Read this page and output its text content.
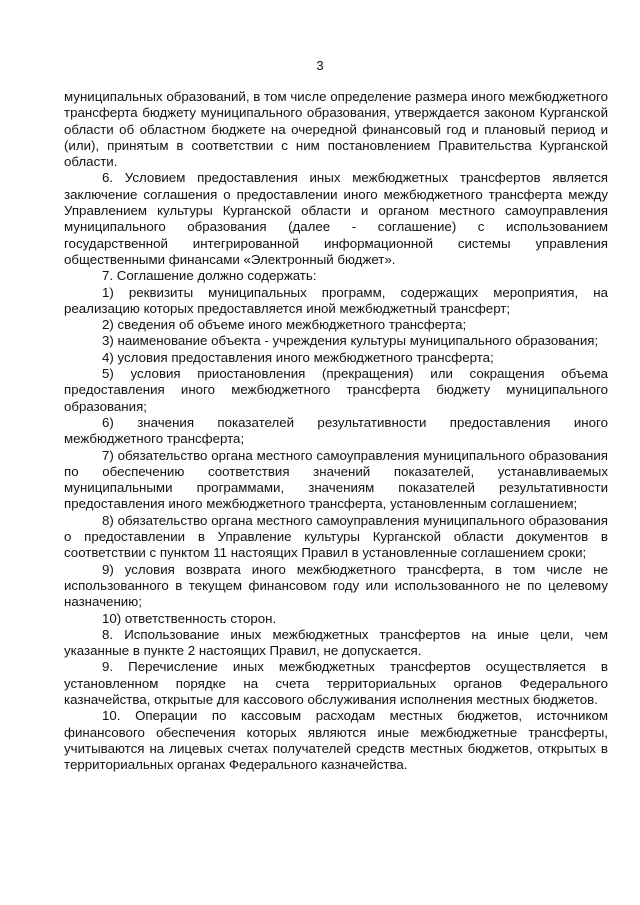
3

муниципальных образований, в том числе определение размера иного межбюджетного трансферта бюджету муниципального образования, утверждается законом Курганской области об областном бюджете на очередной финансовый год и плановый период и (или), принятым в соответствии с ним постановлением Правительства Курганской области.

6. Условием предоставления иных межбюджетных трансфертов является заключение соглашения о предоставлении иного межбюджетного трансферта между Управлением культуры Курганской области и органом местного самоуправления муниципального образования (далее - соглашение) с использованием государственной интегрированной информационной системы управления общественными финансами «Электронный бюджет».

7. Соглашение должно содержать:

1) реквизиты муниципальных программ, содержащих мероприятия, на реализацию которых предоставляется иной межбюджетный трансферт;

2) сведения об объеме иного межбюджетного трансферта;

3) наименование объекта - учреждения культуры муниципального образования;

4) условия предоставления иного межбюджетного трансферта;

5) условия приостановления (прекращения) или сокращения объема предоставления иного межбюджетного трансферта бюджету муниципального образования;

6) значения показателей результативности предоставления иного межбюджетного трансферта;

7) обязательство органа местного самоуправления муниципального образования по обеспечению соответствия значений показателей, устанавливаемых муниципальными программами, значениям показателей результативности предоставления иного межбюджетного трансферта, установленным соглашением;

8) обязательство органа местного самоуправления муниципального образования о предоставлении в Управление культуры Курганской области документов в соответствии с пунктом 11 настоящих Правил в установленные соглашением сроки;

9) условия возврата иного межбюджетного трансферта, в том числе не использованного в текущем финансовом году или использованного не по целевому назначению;

10) ответственность сторон.

8. Использование иных межбюджетных трансфертов на иные цели, чем указанные в пункте 2 настоящих Правил, не допускается.

9. Перечисление иных межбюджетных трансфертов осуществляется в установленном порядке на счета территориальных органов Федерального казначейства, открытые для кассового обслуживания исполнения местных бюджетов.

10. Операции по кассовым расходам местных бюджетов, источником финансового обеспечения которых являются иные межбюджетные трансферты, учитываются на лицевых счетах получателей средств местных бюджетов, открытых в территориальных органах Федерального казначейства.
